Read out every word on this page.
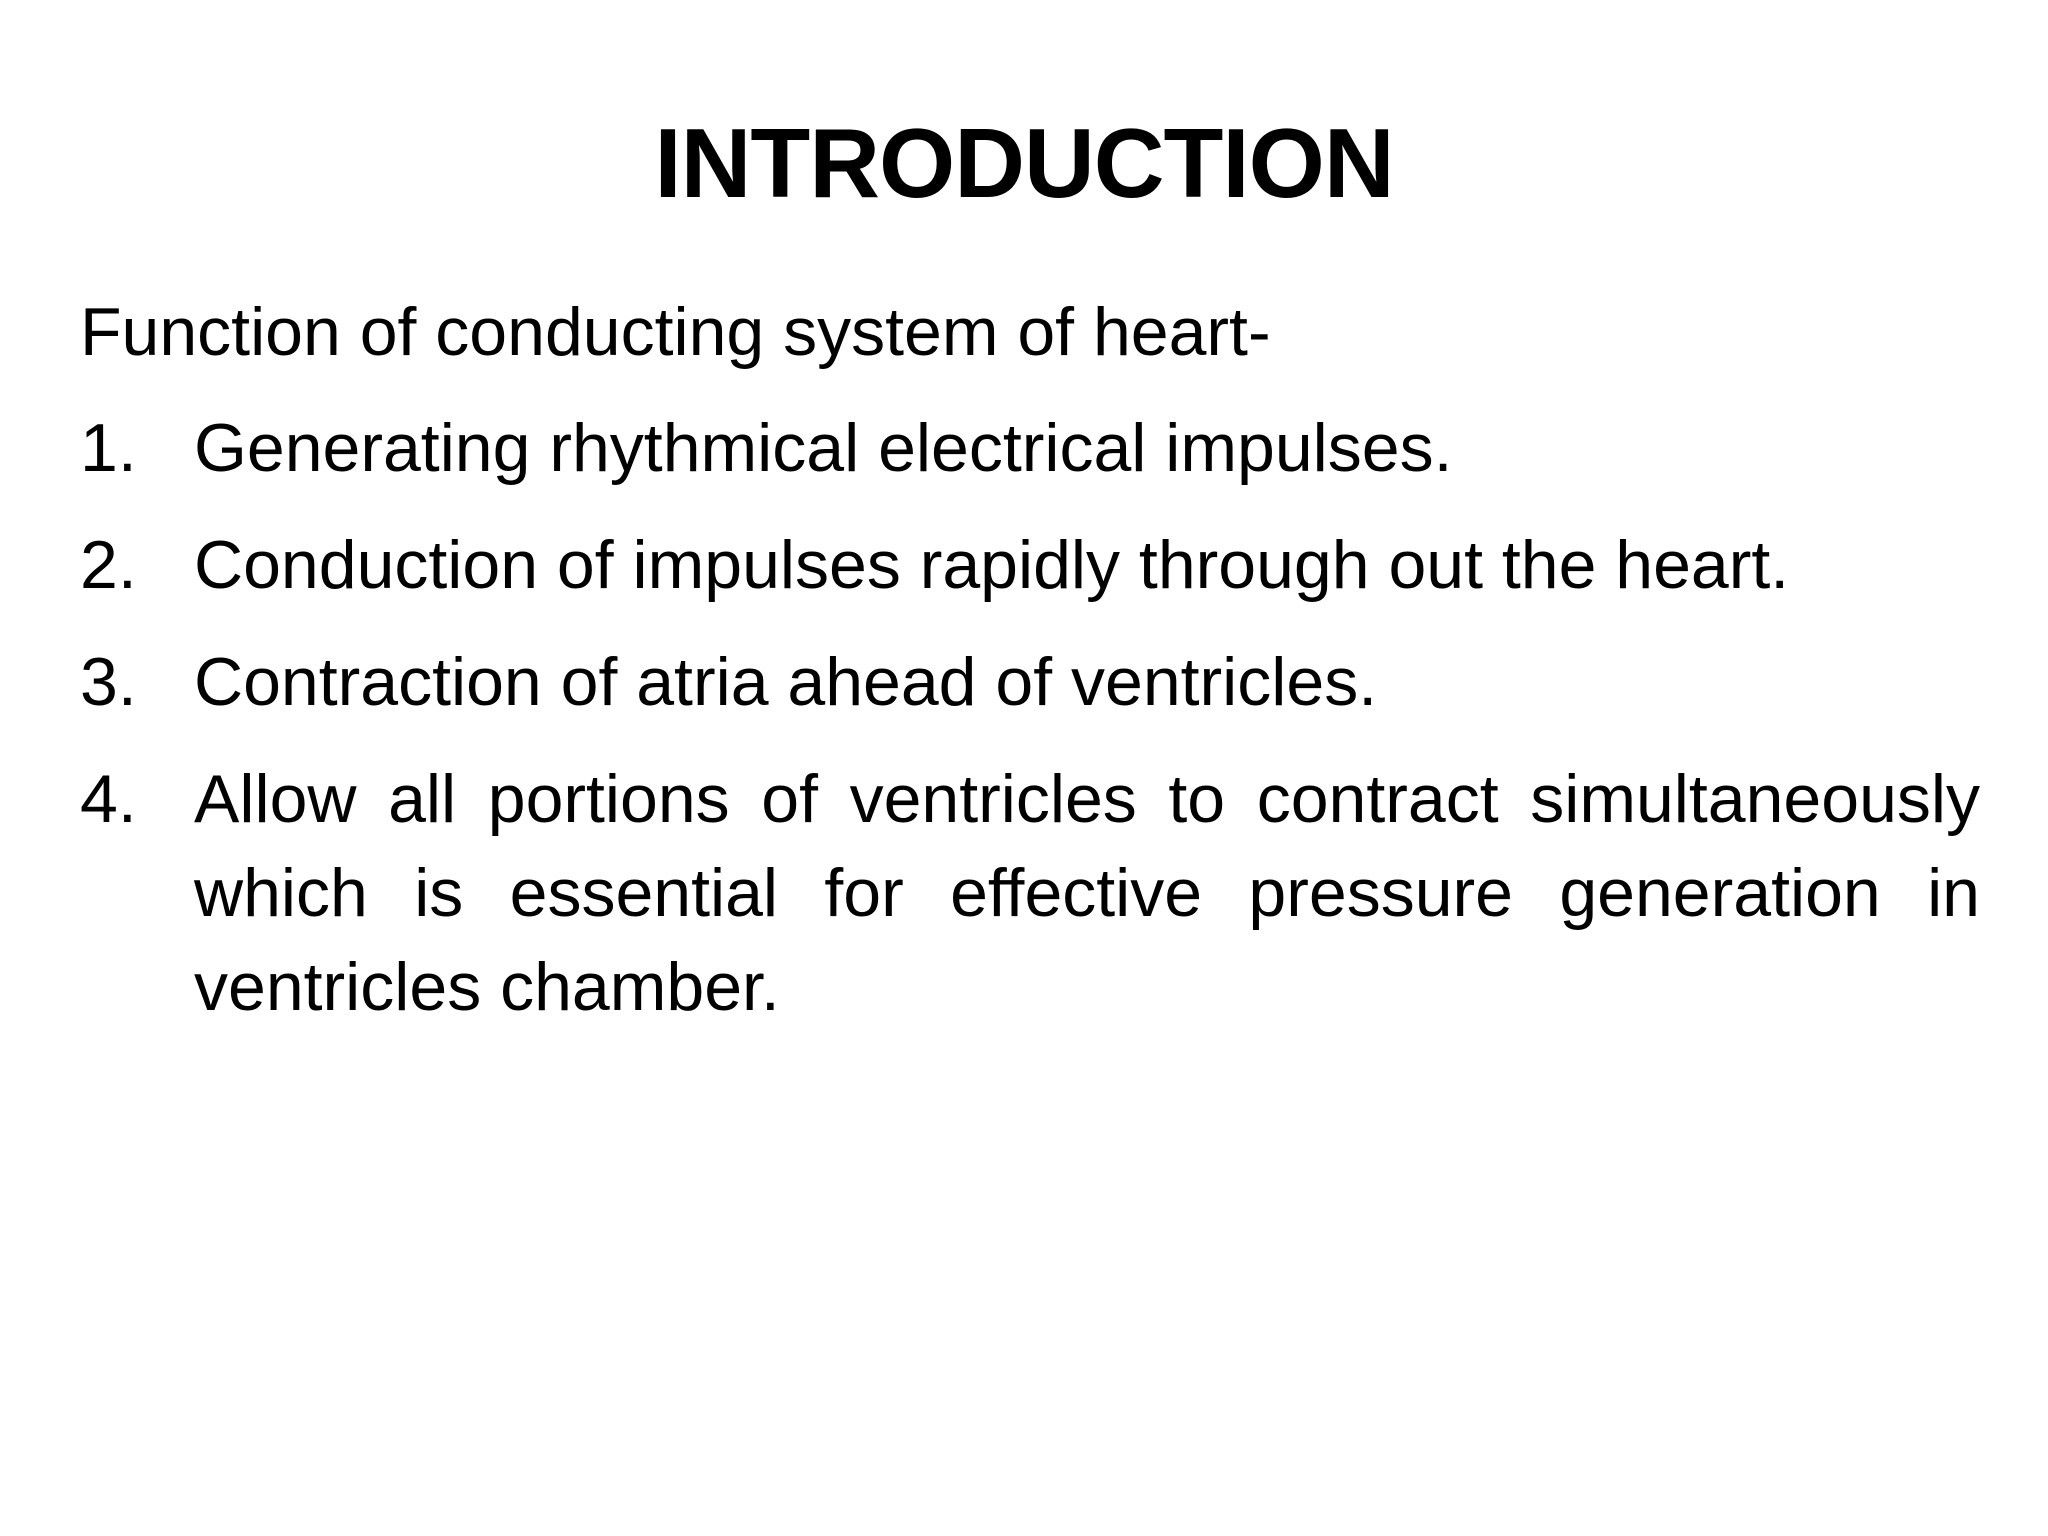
INTRODUCTION
Function of conducting system of heart-
1. Generating rhythmical electrical impulses.
2. Conduction of impulses rapidly through out the heart.
3. Contraction of atria ahead of ventricles.
4. Allow all portions of ventricles to contract simultaneously which is essential for effective pressure generation in ventricles chamber.
